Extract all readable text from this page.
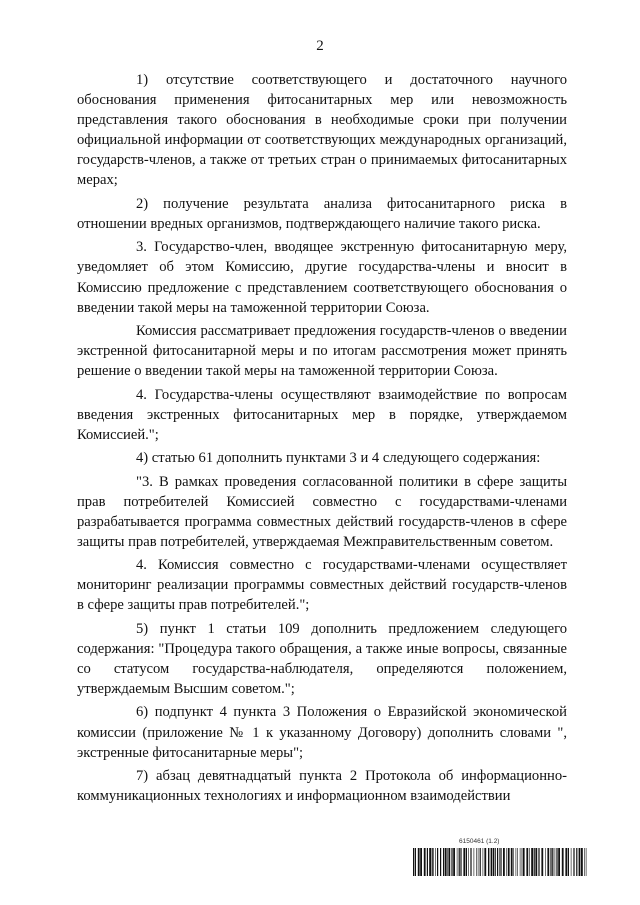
2

1) отсутствие соответствующего и достаточного научного обоснования применения фитосанитарных мер или невозможность представления такого обоснования в необходимые сроки при получении официальной информации от соответствующих международных организаций, государств-членов, а также от третьих стран о принимаемых фитосанитарных мерах;

2) получение результата анализа фитосанитарного риска в отношении вредных организмов, подтверждающего наличие такого риска.

3. Государство-член, вводящее экстренную фитосанитарную меру, уведомляет об этом Комиссию, другие государства-члены и вносит в Комиссию предложение с представлением соответствующего обоснования о введении такой меры на таможенной территории Союза.

Комиссия рассматривает предложения государств-членов о введении экстренной фитосанитарной меры и по итогам рассмотрения может принять решение о введении такой меры на таможенной территории Союза.

4. Государства-члены осуществляют взаимодействие по вопросам введения экстренных фитосанитарных мер в порядке, утверждаемом Комиссией.";

4) статью 61 дополнить пунктами 3 и 4 следующего содержания:

"3. В рамках проведения согласованной политики в сфере защиты прав потребителей Комиссией совместно с государствами-членами разрабатывается программа совместных действий государств-членов в сфере защиты прав потребителей, утверждаемая Межправительственным советом.

4. Комиссия совместно с государствами-членами осуществляет мониторинг реализации программы совместных действий государств-членов в сфере защиты прав потребителей.";

5) пункт 1 статьи 109 дополнить предложением следующего содержания: "Процедура такого обращения, а также иные вопросы, связанные со статусом государства-наблюдателя, определяются положением, утверждаемым Высшим советом.";

6) подпункт 4 пункта 3 Положения о Евразийской экономической комиссии (приложение № 1 к указанному Договору) дополнить словами ", экстренные фитосанитарные меры";

7) абзац девятнадцатый пункта 2 Протокола об информационно-коммуникационных технологиях и информационном взаимодействии

6150461 (1.2)
